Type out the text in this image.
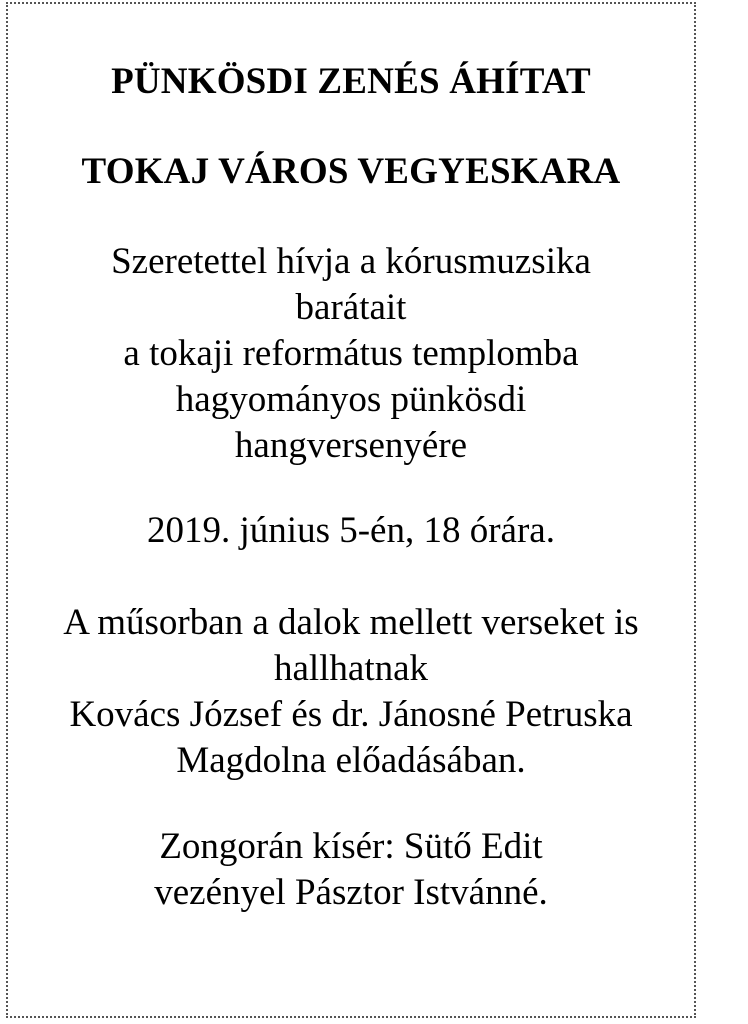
PÜNKÖSDI ZENÉS ÁHÍTAT
TOKAJ VÁROS VEGYESKARA
Szeretettel hívja a kórusmuzsika
barátait
a tokaji református templomba
hagyományos pünkösdi
hangversenyére
2019. június 5-én, 18 órára.
A műsorban a dalok mellett verseket is
hallhatnak
Kovács József és dr. Jánosné Petruska
Magdolna előadásában.
Zongorán kísér: Sütő Edit
vezényel Pásztor Istvánné.
